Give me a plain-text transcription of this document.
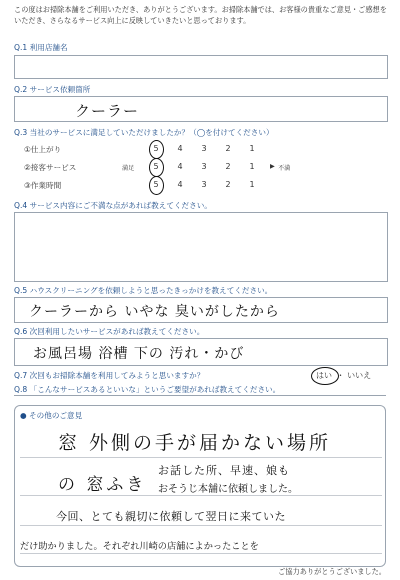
この度はお掃除本舗をご利用いただき、ありがとうございます。お掃除本舗では、お客様の貴重なご意見・ご感想をいただき、さらなるサービス向上に反映していきたいと思っております。
Q.1 利用店舗名
Q.2 サービス依頼箇所
クーラー
Q.3 当社のサービスに満足していただけましたか？（◯を付けてください）
①仕上がり	5	4	3	2	1
②接客サービス	満足	5	4	3	2	1	▶ 不満
③作業時間	5	4	3	2	1
Q.4 サービス内容にご不満な点があれば教えてください。
Q.5 ハウスクリーニングを依頼しようと思ったきっかけを教えてください。
クーラーから いやな 臭いがしたから
Q.6 次回利用したいサービスがあれば教えてください。
お風呂場 浴槽 下の 汚れ・かび
Q.7 次回もお掃除本舗を利用してみようと思いますか？	はい ・ いいえ
Q.8 「こんなサービスあるといいな」というご要望があれば教えてください。
● その他のご意見
窓 外側の手が届かない場所
の 窓ふき
お話した所、早速、娘も
おそうじ本舗に依頼しました。
今回、とても親切に依頼して翌日に来ていた
だけ助かりました。それぞれ川崎の店舗によかったことを
ご協力ありがとうございました。
